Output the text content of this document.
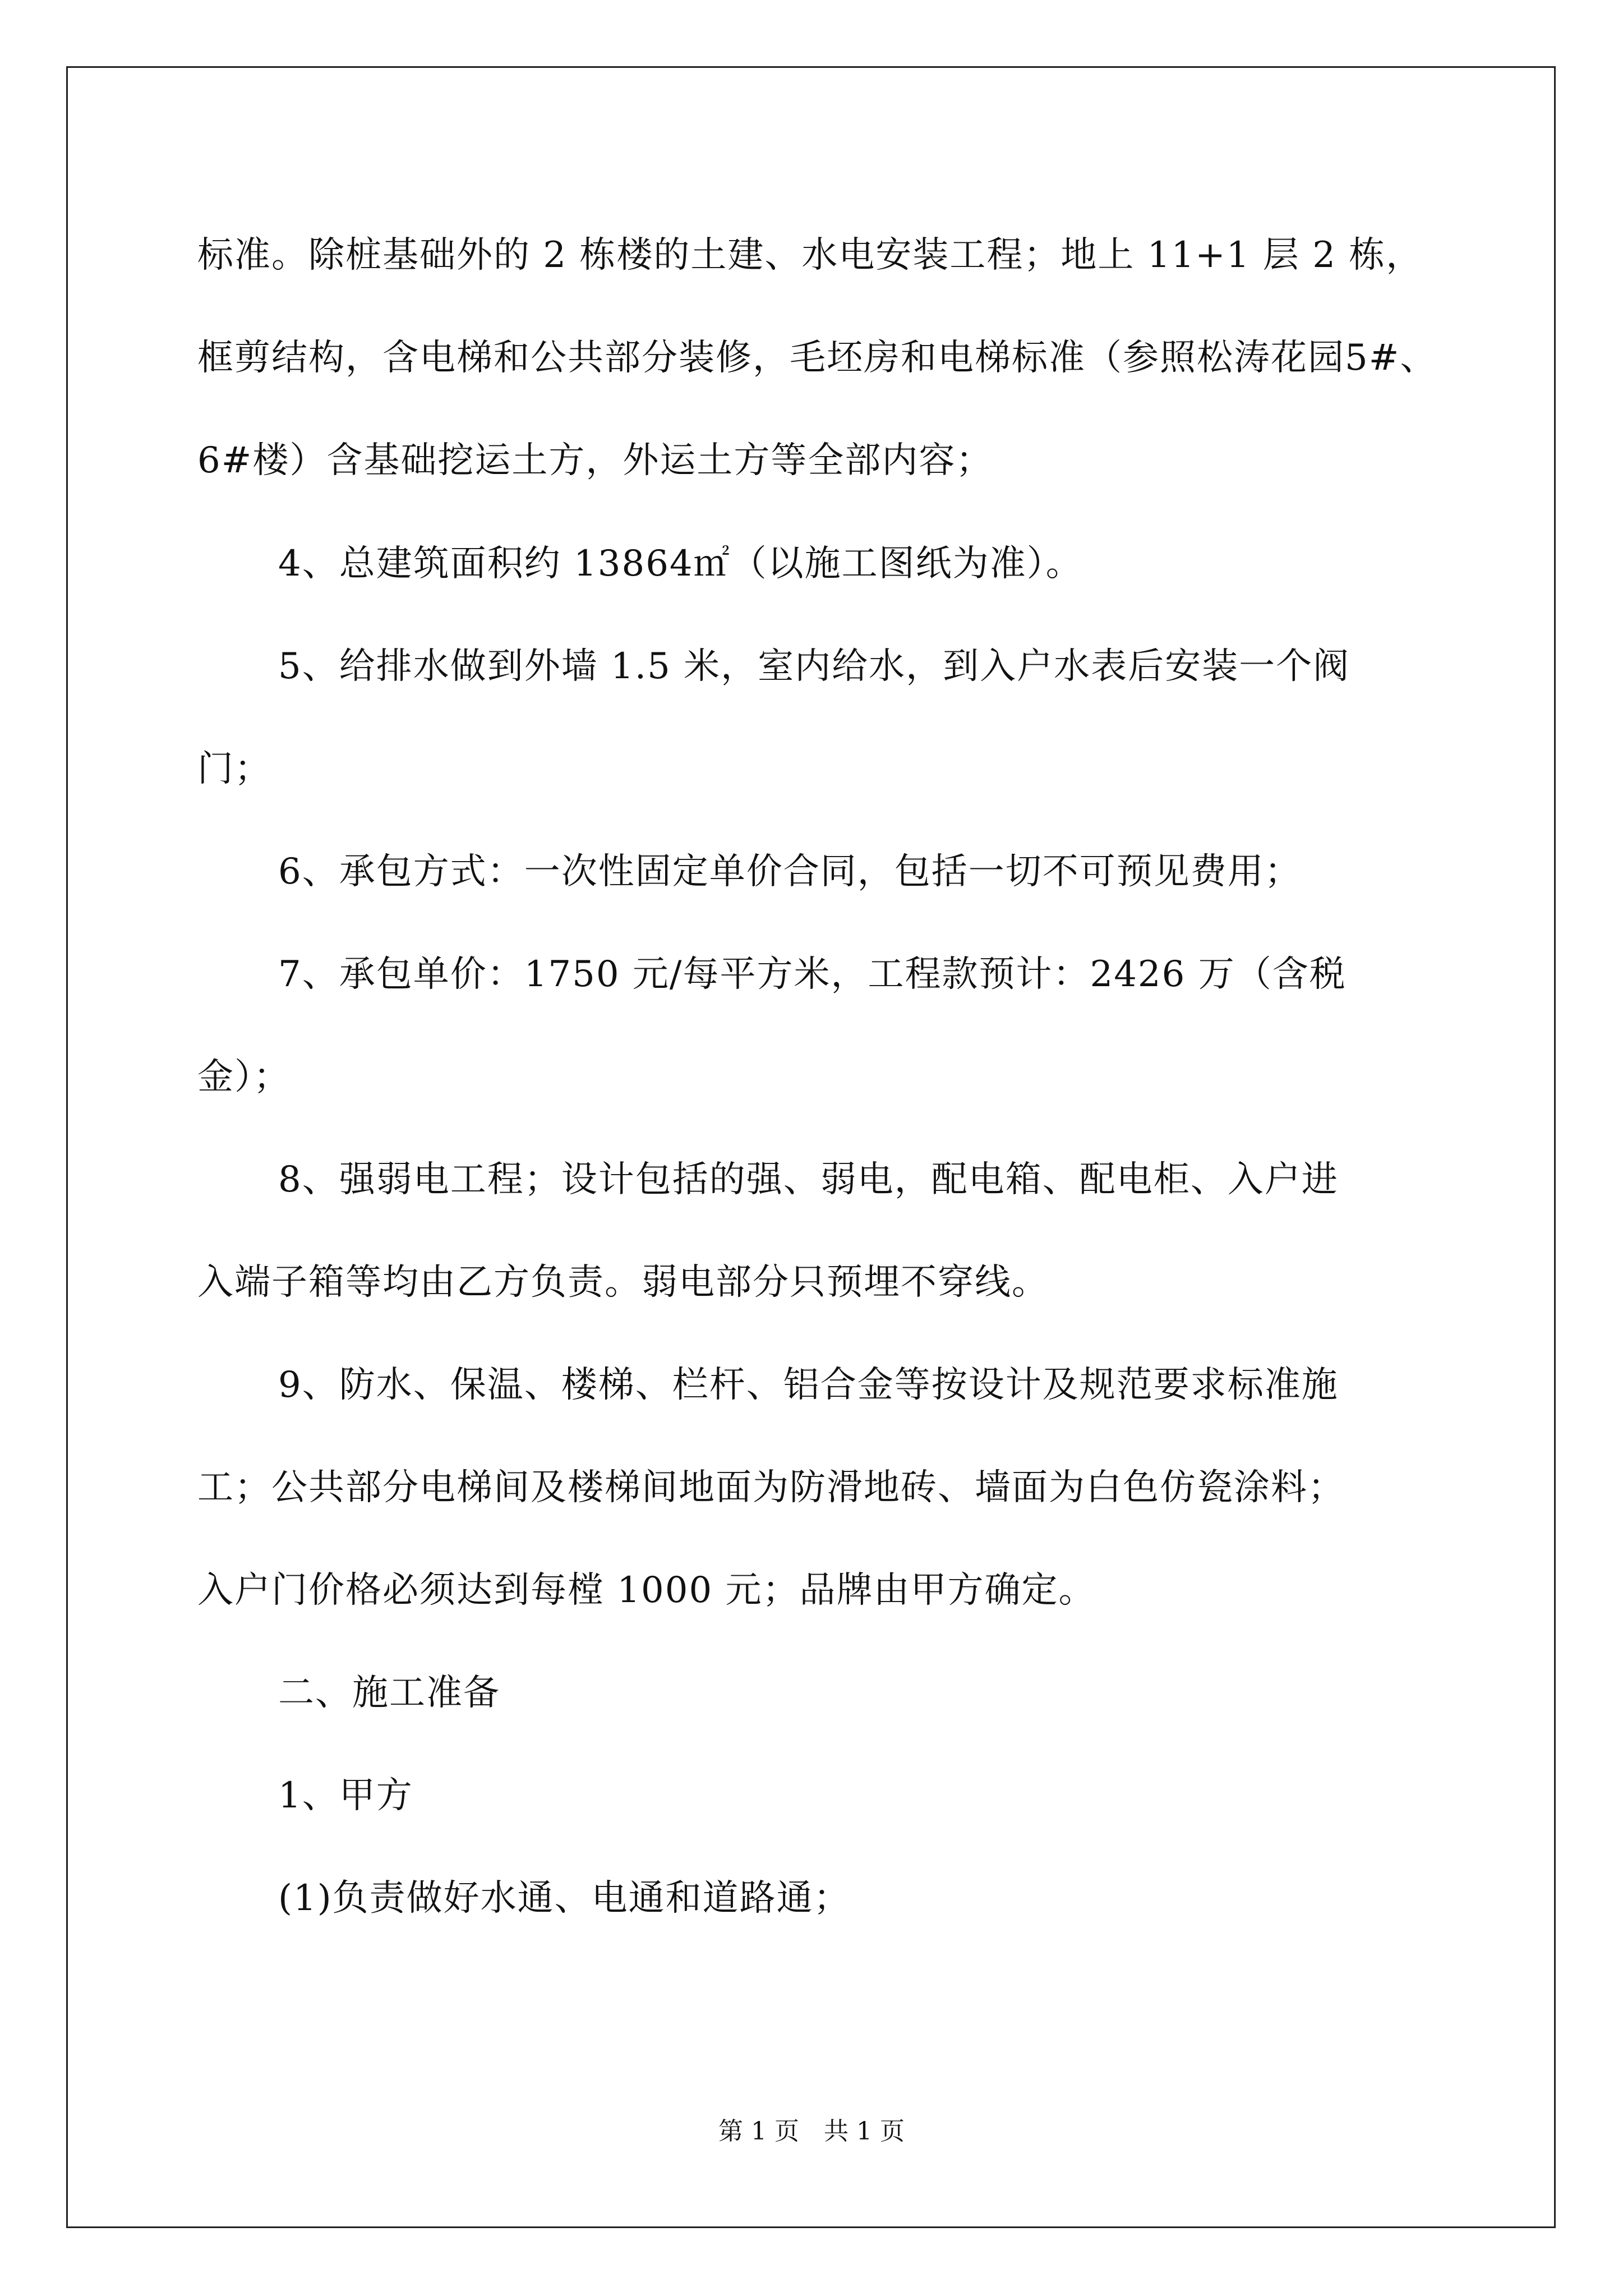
标准。除桩基础外的 2 栋楼的土建、水电安装工程；地上 11+1 层 2 栋，
框剪结构，含电梯和公共部分装修，毛坯房和电梯标准（参照松涛花园5#、
6#楼）含基础挖运土方，外运土方等全部内容；
4、总建筑面积约 13864㎡（以施工图纸为准）。
5、给排水做到外墙 1.5 米，室内给水，到入户水表后安装一个阀
门；
6、承包方式：一次性固定单价合同，包括一切不可预见费用；
7、承包单价：1750 元/每平方米，工程款预计：2426 万（含税
金）；
8、强弱电工程；设计包括的强、弱电，配电箱、配电柜、入户进
入端子箱等均由乙方负责。弱电部分只预埋不穿线。
9、防水、保温、楼梯、栏杆、铝合金等按设计及规范要求标准施
工；公共部分电梯间及楼梯间地面为防滑地砖、墙面为白色仿瓷涂料；
入户门价格必须达到每樘 1000 元；品牌由甲方确定。
二、施工准备
1、甲方
(1)负责做好水通、电通和道路通；
第 1 页 共 1 页
